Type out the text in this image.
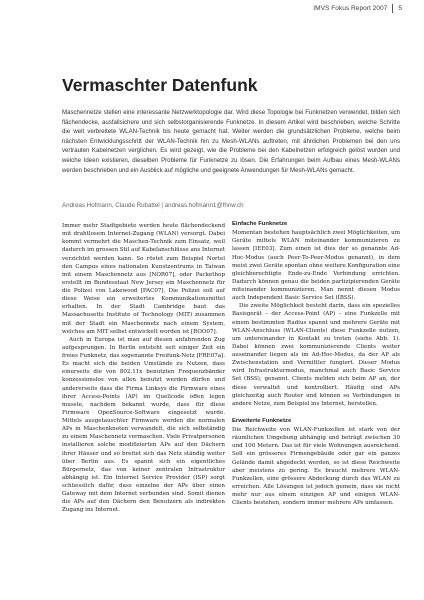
IMVS Fokus Report 2007 5
Vermaschter Datenfunk

Maschennetze stellen eine interessante Netzwerktopologie dar. Wird diese Topologie bei Funknetzen verwendet, bilden sich flächendecke, ausfallsichere und sich selbstorganisierende Funknetze. In diesem Artikel wird beschrieben, welche Schritte die weit verbreitete WLAN-Technik bis heute gemacht hat. Weiter werden die grundsätzlichen Probleme, welche beim nächsten Entwicklungsschritt der WLAN-Technik hin zu Mesh-WLANs auftreten, mit ähnlichen Problemen bei den uns vertrauten Kabelnetzen verglichen. Es wird gezeigt, wie die Probleme bei den Kabelnetzen erfolgreich gelöst wurden und welche Ideen existieren, dieselben Probleme für Funknetze zu lösen. Die Erfahrungen beim Aufbau eines Mesh-WLANs werden beschrieben und ein Ausblick auf mögliche und geeignete Anwendungen für Mesh-WLANs gemacht.

Andreas Hofmann, Claude Rubattel | andreas.hofmann1@fhnw.ch

Immer mehr Stadtgebiete werden heute flächendeckend mit drahtlosem Internet-Zugang (WLAN) versorgt. Dabei kommt vermehrt die Maschen-Technik zum Einsatz, weil dadurch im grossen Stil auf Kabelanschlüsse ans Internet verzichtet werden kann. So röstet zum Beispiel Nortel den Campus eines nationalen Kunstzentrums in Taiwan mit einem Maschennetz aus [NOR07], oder Packethop erstellt im Bundesstaat New Jersey ein Maschennetz für die Polizei von Lakewood [PAC07]. Die Polizei soll auf diese Weise ein erweitertes Kommunikationsmittel erhalten. In der Stadt Cambridge baut das Massachusetts Institute of Technology (MIT) zusammen mit der Stadt ein Maschennetz nach einem System, welches am MIT selbst entwickelt worden ist [ROO07].

Auch in Europa ist man auf diesen anfahrenden Zug aufgesprungen. In Berlin entsteht seit einiger Zeit ein freies Funknetz, das sogenannte Freifunk-Netz [FRE07a]. Es macht sich die beiden Umstände zu Nutzen, dass einerseits die von 802.11x benutzten Frequenzbänder konzessionslos von allen benutzt werden dürfen und andererseits dass die Firma Linksys die Firmware eines ihrer Access-Points (AP) im Quellcode offen legen musste, nachdem bekannt wurde, dass für diese Firmware OpenSource-Software eingesetzt wurde. Mittels ausgetauschter Firmware werden die normalen APs in Maschenknoten verwandelt, die sich selbständig zu einem Maschennetz vermaschen. Viele Privatpersonen installieren solche modifizierten APs auf den Dächern ihrer Häuser und so breitet sich das Netz ständig weiter über Berlin aus. Es spannt sich ein eigentliches Bürgernetz, das von keiner zentralen Infrastruktur abhängig ist. Ein Internet Service Provider (ISP) sorgt schliesslich dafür, dass einzelne der APs über einen Gateway mit dem Internet verbunden sind. Somit dienen die APs auf den Dächern den Benutzern als indirekten Zugang ins Internet.

Einfache Funknetze

Momentan bestehen hauptsächlich zwei Möglichkeiten, um Geräte mittels WLAN miteinander kommunizieren zu lassen [IEE03]. Zum einen ist dies der so genannte Ad-Hoc-Modus (auch Peer-To-Peer-Modus genannt), in dem meist zwei Geräte spontan ohne weitere Konfiguration eine gleichberechtigte Ende-zu-Ende Verbindung errichten. Dadurch können genau die beiden partizipierenden Geräte miteinander kommunizieren. Man nennt diesen Modus auch Independent Basic Service Set (IBSS).

Die zweite Möglichkeit besteht darin, dass ein spezielles Basisgerät – der Access-Point (AP) – eine Funkzelle mit einem bestimmten Radius spannt und mehrere Geräte mit WLAN-Anschluss (WLAN-Clients) diese Funkzelle nutzen, um untereinander in Kontakt zu treten (siehe Abb. 1). Dabei können zwei kommunizierende Clients weiter auseinander liegen als im Ad-Hoc-Modus, da der AP als Zwischenstation und Vermittler fungiert. Dieser Modus wird Infrastrukturmodus, manchmal auch Basic Service Set (BSS), genannt. Clients melden sich beim AP an, der diese verwaltet und kontrolliert. Häufig sind APs gleichzeitig auch Router und können so Verbindungen in andere Netze, zum Beispiel ins Internet, herstellen.

Erweiterte Funknetze

Die Reichweite von WLAN-Funkzellen ist stark von der räumlichen Umgebung abhängig und beträgt zwischen 30 und 100 Metern. Das ist für viele Wohnungen ausreichend. Soll ein grösseres Firmengebäude oder gar ein ganzes Gelände damit abgedeckt werden, so ist diese Reichweite aber meistens zu gering. Es braucht mehrere WLAN-Funkzellen, eine grössere Abdeckung durch das WLAN zu erreichen. Alle Lösungen ist jedoch gemein, dass sie nicht mehr nur aus einem einzigen AP und einigen WLAN-Clients bestehen, sondern immer mehrere APs umfassen.
